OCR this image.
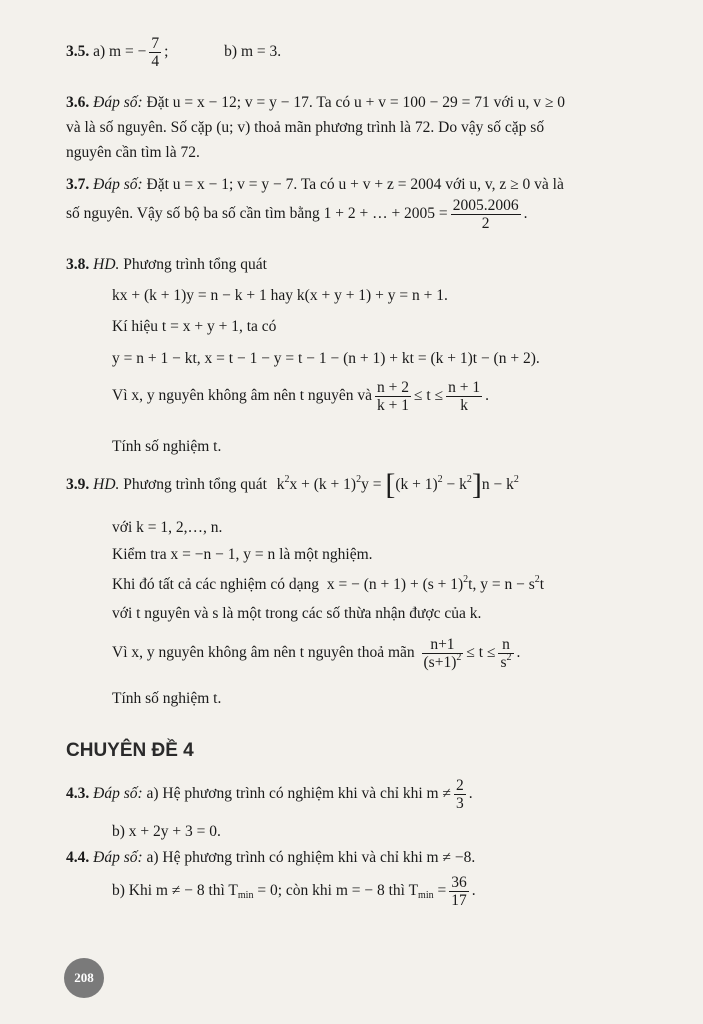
3.5. a) m = − $\frac{7}{4}$ ;	b) m = 3.
3.6. Đáp số: Đặt u = x − 12; v = y − 17. Ta có u + v = 100 − 29 = 71 với u, v ≥ 0
và là số nguyên. Số cặp (u; v) thoả mãn phương trình là 72. Do vậy số cặp số
nguyên cần tìm là 72.
3.7. Đáp số: Đặt u = x − 1; v = y − 7. Ta có u + v + z = 2004 với u, v, z ≥ 0 và là
số nguyên. Vậy số bộ ba số cần tìm bằng 1 + 2 + … + $2005 = \frac{2005.2006}{2}$ .
3.8. HD. Phương trình tổng quát
kx + (k + 1)y = n − k + 1 hay k(x + y + 1) + y = n + 1.
Kí hiệu t = x + y + 1, ta có
y = n + 1 − kt, x = t − 1 − y = t − 1 − (n + 1) + kt = (k + 1)t − (n + 2).
Vì x, y nguyên không âm nên t nguyên và $\frac{n + 2}{k + 1} \le t \le \frac{n + 1}{k}$ .
Tính số nghiệm t.
3.9. HD. Phương trình tổng quát $k^2x + (k + 1)^2y = [(k + 1)^2 - k^2]n - k^2$
với k = 1, 2,…, n.
Kiểm tra x = −n − 1, y = n là một nghiệm.
Khi đó tất cả các nghiệm có dạng x = − $(n + 1) + (s + 1)^2t$, $y = n - s^2t$
với t nguyên và s là một trong các số thừa nhận được của k.
Vì x, y nguyên không âm nên t nguyên thoả mãn $\frac{n+1}{(s+1)^2} \le t \le \frac{n}{s^2}$ .
Tính số nghiệm t.
CHUYÊN ĐỀ 4
4.3. Đáp số: a) Hệ phương trình có nghiệm khi và chỉ khi $m \ne \frac{2}{3}$ .
b) x + 2y + 3 = 0.
4.4. Đáp số: a) Hệ phương trình có nghiệm khi và chỉ khi m ≠ −8.
b) Khi m ≠ − 8 thì $T_{min} = 0$; còn khi m = − 8 thì $T_{min} = \frac{36}{17}$ .
208
